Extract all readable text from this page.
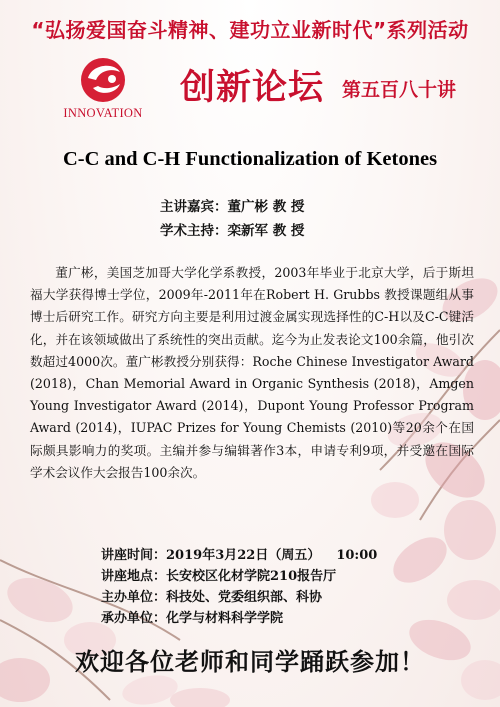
“弘扬爱国奋斗精神、建功立业新时代”系列活动
INNOVATION
创新论坛 第五百八十讲
C-C and C-H Functionalization of Ketones
主讲嘉宾：董广彬 教 授
学术主持：栾新军 教 授

董广彬，美国芝加哥大学化学系教授，2003年毕业于北京大学，后于斯坦福大学获得博士学位，2009年-2011年在Robert H. Grubbs 教授课题组从事博士后研究工作。研究方向主要是利用过渡金属实现选择性的C-H以及C-C键活化，并在该领域做出了系统性的突出贡献。迄今为止发表论文100余篇，他引次数超过4000次。董广彬教授分别获得：Roche Chinese Investigator Award (2018)，Chan Memorial Award in Organic Synthesis (2018)，Amgen Young Investigator Award (2014)，Dupont Young Professor Program Award (2014)，IUPAC Prizes for Young Chemists (2010)等20余个在国际颇具影响力的奖项。主编并参与编辑著作3本，申请专利9项，并受邀在国际学术会议作大会报告100余次。

讲座时间：2019年3月22日（周五） 10:00
讲座地点：长安校区化材学院210报告厅
主办单位：科技处、党委组织部、科协
承办单位：化学与材料科学学院
欢迎各位老师和同学踊跃参加！
